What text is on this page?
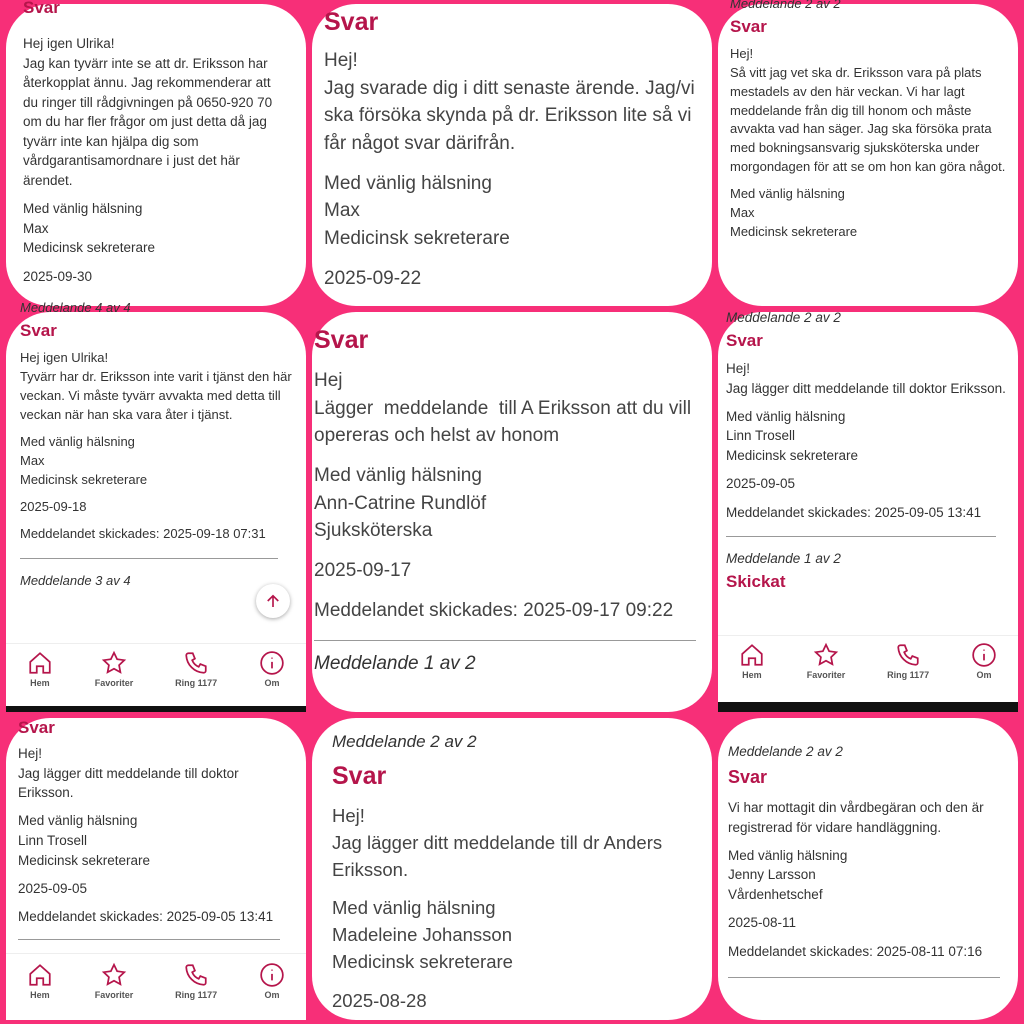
Svar

Hej igen Ulrika!

Jag kan tyvärr inte se att dr. Eriksson har återkopplat ännu. Jag rekommenderar att du ringer till rådgivningen på 0650-920 70 om du har fler frågor om just detta då jag tyvärr inte kan hjälpa dig som vårdgarantisamordnare i just det här ärendet.

Med vänlig hälsning

Max

Medicinsk sekreterare

2025-09-30

Svar

Hej!

Jag svarade dig i ditt senaste ärende. Jag/vi ska försöka skynda på dr. Eriksson lite så vi får något svar därifrån.

Med vänlig hälsning

Max

Medicinsk sekreterare

2025-09-22

Meddelande 2 av 2
Svar

Hej!

Så vitt jag vet ska dr. Eriksson vara på plats mestadels av den här veckan. Vi har lagt meddelande från dig till honom och måste avvakta vad han säger. Jag ska försöka prata med bokningsansvarig sjuksköterska under morgondagen för att se om hon kan göra något.

Med vänlig hälsning

Max

Medicinsk sekreterare

Meddelande 4 av 4
Svar

Hej igen Ulrika!

Tyvärr har dr. Eriksson inte varit i tjänst den här veckan. Vi måste tyvärr avvakta med detta till veckan när han ska vara åter i tjänst.

Med vänlig hälsning

Max

Medicinsk sekreterare

2025-09-18

Meddelandet skickades: 2025-09-18 07:31

Meddelande 3 av 4
Hem	Favoriter	Ring 1177	Om
Svar

Hej

Lägger  meddelande  till A Eriksson att du vill opereras och helst av honom

Med vänlig hälsning

Ann-Catrine Rundlöf

Sjuksköterska

2025-09-17

Meddelandet skickades: 2025-09-17 09:22

Meddelande 1 av 2
Meddelande 2 av 2
Svar

Hej!

Jag lägger ditt meddelande till doktor Eriksson.

Med vänlig hälsning

Linn Trosell

Medicinsk sekreterare

2025-09-05

Meddelandet skickades: 2025-09-05 13:41

Meddelande 1 av 2
Skickat
Hem	Favoriter	Ring 1177	Om
Svar

Hej!

Jag lägger ditt meddelande till doktor Eriksson.

Med vänlig hälsning

Linn Trosell

Medicinsk sekreterare

2025-09-05

Meddelandet skickades: 2025-09-05 13:41

Hem	Favoriter	Ring 1177	Om
Meddelande 2 av 2
Svar

Hej!

Jag lägger ditt meddelande till dr Anders Eriksson.

Med vänlig hälsning

Madeleine Johansson

Medicinsk sekreterare

2025-08-28

Meddelande 2 av 2
Svar

Vi har mottagit din vårdbegäran och den är registrerad för vidare handläggning.

Med vänlig hälsning

Jenny Larsson

Vårdenhetschef

2025-08-11

Meddelandet skickades: 2025-08-11 07:16
